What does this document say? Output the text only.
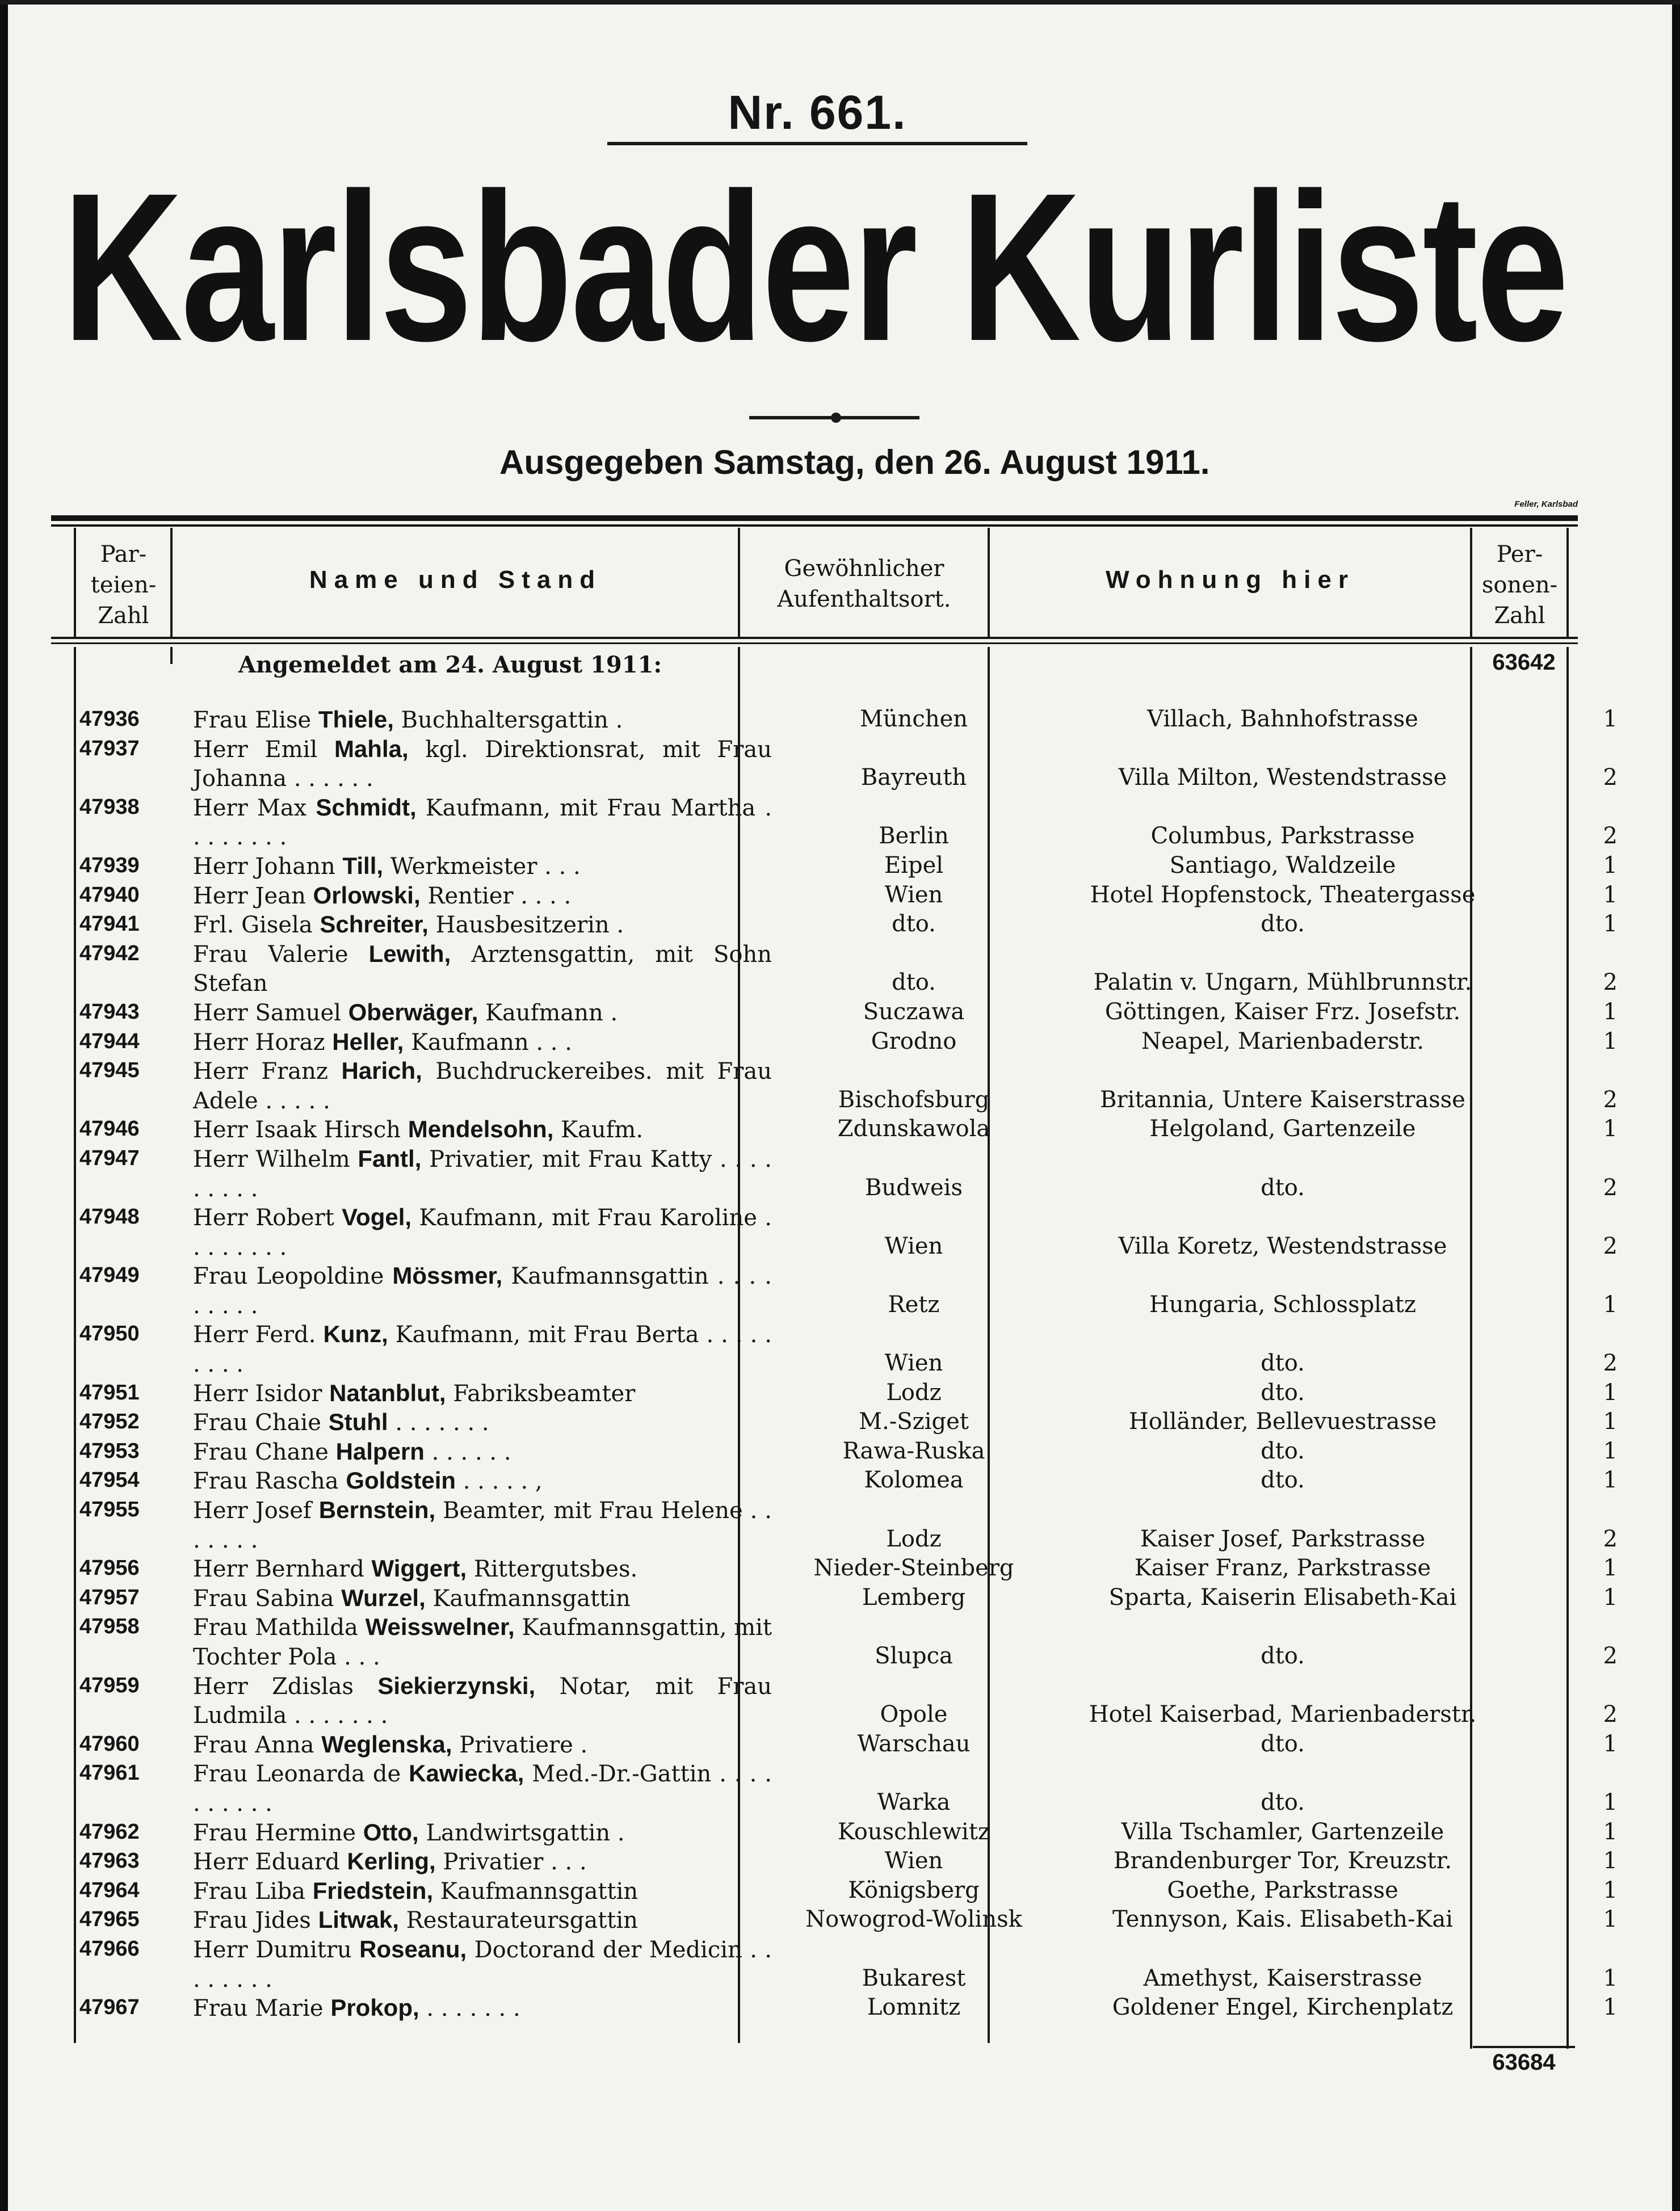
Nr. 661.
Karlsbader Kurliste
Ausgegeben Samstag, den 26. August 1911.
Feller, Karlsbad
Par- teien- Zahl
Name und Stand	Gewöhnlicher Aufenthaltsort.
Wohnung hier
Per- sonen- Zahl
Angemeldet am 24. August 1911:	63642
47936	Frau Elise Thiele, Buchhaltersgattin .	München	Villach, Bahnhofstrasse	1
47937	Herr Emil Mahla, kgl. Direktionsrat, mit Frau Johanna . . . . . .	Bayreuth	Villa Milton, Westendstrasse	2
47938	Herr Max Schmidt, Kaufmann, mit Frau Martha . . . . . . . .	Berlin	Columbus, Parkstrasse	2
47939	Herr Johann Till, Werkmeister . . .	Eipel	Santiago, Waldzeile	1
47940	Herr Jean Orlowski, Rentier . . . .	Wien	Hotel Hopfenstock, Theatergasse	1
47941	Frl. Gisela Schreiter, Hausbesitzerin .	dto.	dto.	1
47942	Frau Valerie Lewith, Arztensgattin, mit Sohn Stefan	dto.	Palatin v. Ungarn, Mühlbrunnstr.	2
47943	Herr Samuel Oberwäger, Kaufmann .	Suczawa	Göttingen, Kaiser Frz. Josefstr.	1
47944	Herr Horaz Heller, Kaufmann . . .	Grodno	Neapel, Marienbaderstr.	1
47945	Herr Franz Harich, Buchdruckereibes. mit Frau Adele . . . . .	Bischofsburg	Britannia, Untere Kaiserstrasse	2
47946	Herr Isaak Hirsch Mendelsohn, Kaufm.	Zdunskawola	Helgoland, Gartenzeile	1
47947	Herr Wilhelm Fantl, Privatier, mit Frau Katty . . . . . . . . .	Budweis	dto.	2
47948	Herr Robert Vogel, Kaufmann, mit Frau Karoline . . . . . . . .	Wien	Villa Koretz, Westendstrasse	2
47949	Frau Leopoldine Mössmer, Kaufmannsgattin . . . . . . . . .	Retz	Hungaria, Schlossplatz	1
47950	Herr Ferd. Kunz, Kaufmann, mit Frau Berta . . . . . . . . .	Wien	dto.	2
47951	Herr Isidor Natanblut, Fabriksbeamter	Lodz	dto.	1
47952	Frau Chaie Stuhl . . . . . . .	M.-Sziget	Holländer, Bellevuestrasse	1
47953	Frau Chane Halpern . . . . . .	Rawa-Ruska	dto.	1
47954	Frau Rascha Goldstein . . . . . ,	Kolomea	dto.	1
47955	Herr Josef Bernstein, Beamter, mit Frau Helene . . . . . . .	Lodz	Kaiser Josef, Parkstrasse	2
47956	Herr Bernhard Wiggert, Rittergutsbes.	Nieder-Steinberg	Kaiser Franz, Parkstrasse	1
47957	Frau Sabina Wurzel, Kaufmannsgattin	Lemberg	Sparta, Kaiserin Elisabeth-Kai	1
47958	Frau Mathilda Weisswelner, Kaufmannsgattin, mit Tochter Pola . . .	Slupca	dto.	2
47959	Herr Zdislas Siekierzynski, Notar, mit Frau Ludmila . . . . . . .	Opole	Hotel Kaiserbad, Marienbaderstr.	2
47960	Frau Anna Weglenska, Privatiere .	Warschau	dto.	1
47961	Frau Leonarda de Kawiecka, Med.-Dr.-Gattin . . . . . . . . . .	Warka	dto.	1
47962	Frau Hermine Otto, Landwirtsgattin .	Kouschlewitz	Villa Tschamler, Gartenzeile	1
47963	Herr Eduard Kerling, Privatier . . .	Wien	Brandenburger Tor, Kreuzstr.	1
47964	Frau Liba Friedstein, Kaufmannsgattin	Königsberg	Goethe, Parkstrasse	1
47965	Frau Jides Litwak, Restaurateursgattin	Nowogrod-Wolinsk	Tennyson, Kais. Elisabeth-Kai	1
47966	Herr Dumitru Roseanu, Doctorand der Medicin . . . . . . . .	Bukarest	Amethyst, Kaiserstrasse	1
47967	Frau Marie Prokop, . . . . . . .	Lomnitz	Goldener Engel, Kirchenplatz	1
63684
